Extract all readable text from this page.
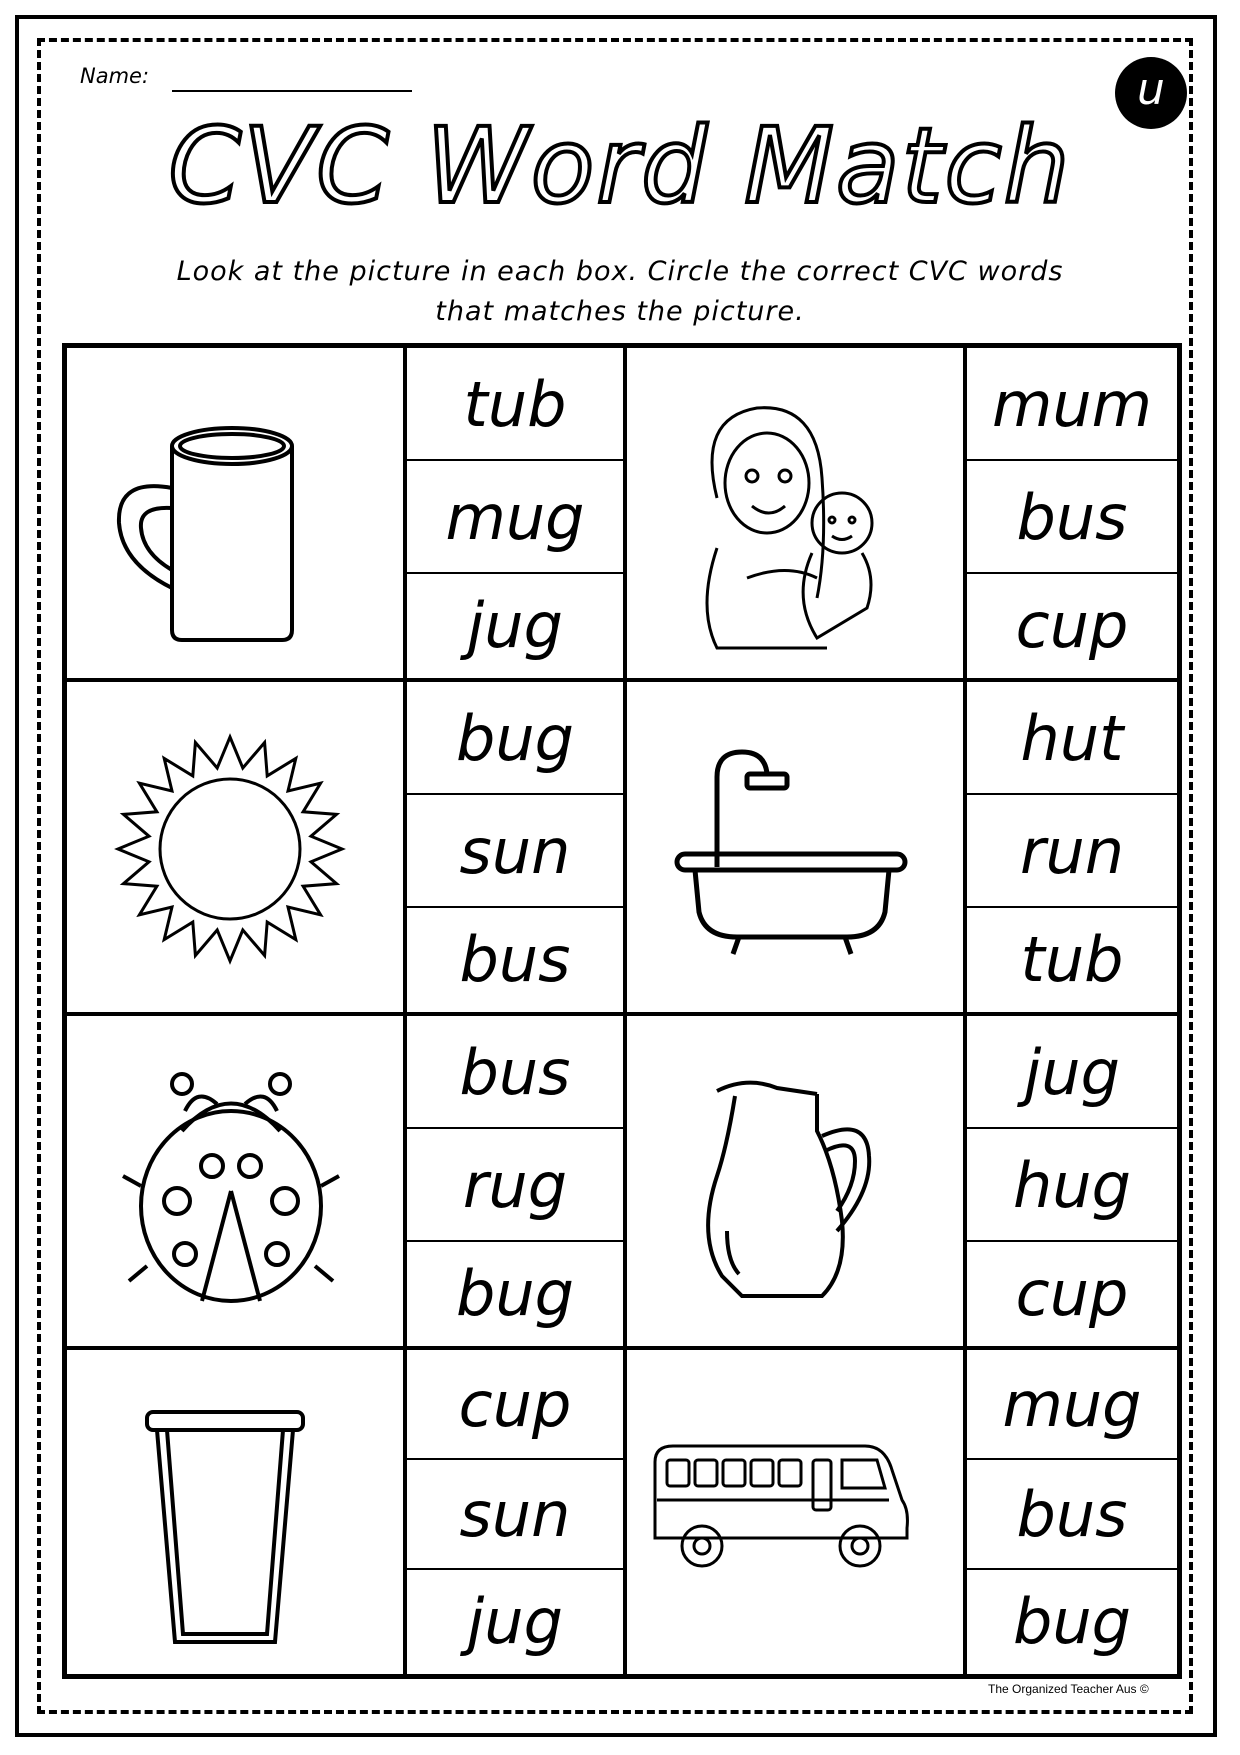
Name:	u
CVC Word Match
Look at the picture in each box. Circle the correct CVC words
that matches the picture.
tub
mug
jug
mum
bus
cup
bug
sun
bus
hut
run
tub
bus
rug
bug
jug
hug
cup
cup
sun
jug
mug
bus
bug
The Organized Teacher Aus ©
